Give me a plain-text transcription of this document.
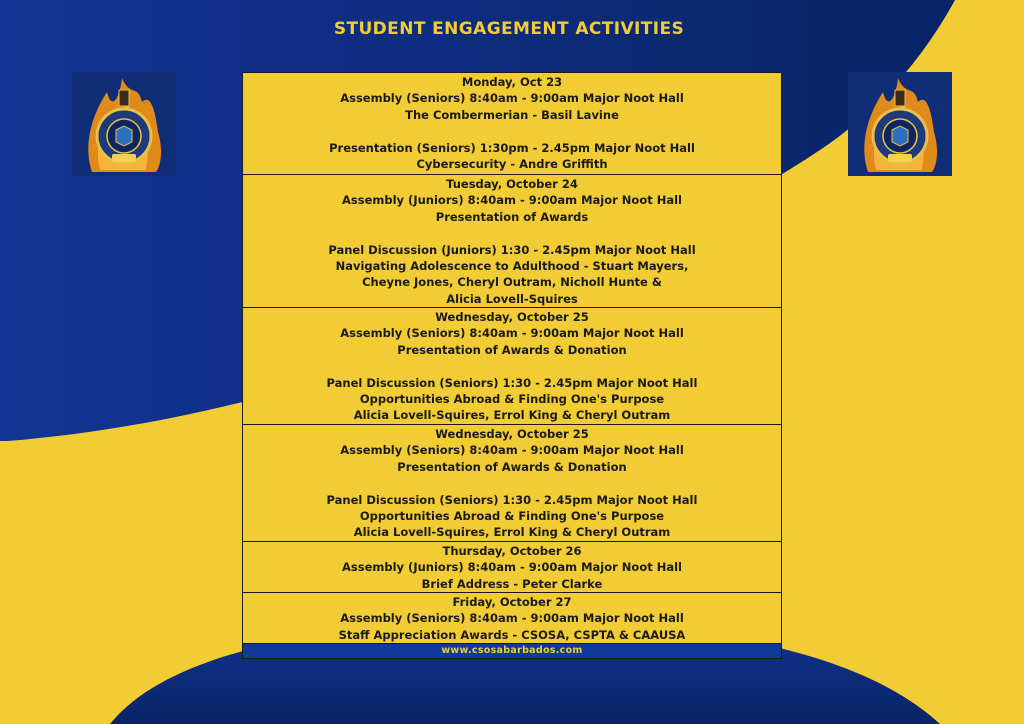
STUDENT ENGAGEMENT ACTIVITIES
Monday, Oct 23
Assembly (Seniors) 8:40am - 9:00am Major Noot Hall
The Combermerian - Basil Lavine
Presentation (Seniors) 1:30pm - 2.45pm Major Noot Hall
Cybersecurity - Andre Griffith
Tuesday, October 24
Assembly (Juniors) 8:40am - 9:00am Major Noot Hall
Presentation of Awards
Panel Discussion (Juniors) 1:30 - 2.45pm Major Noot Hall
Navigating Adolescence to Adulthood - Stuart Mayers,
Cheyne Jones, Cheryl Outram, Nicholl Hunte &
Alicia Lovell-Squires
Wednesday, October 25
Assembly (Seniors) 8:40am - 9:00am Major Noot Hall
Presentation of Awards & Donation
Panel Discussion (Seniors) 1:30 - 2.45pm Major Noot Hall
Opportunities Abroad & Finding One's Purpose
Alicia Lovell-Squires, Errol King & Cheryl Outram
Wednesday, October 25
Assembly (Seniors) 8:40am - 9:00am Major Noot Hall
Presentation of Awards & Donation
Panel Discussion (Seniors) 1:30 - 2.45pm Major Noot Hall
Opportunities Abroad & Finding One's Purpose
Alicia Lovell-Squires, Errol King & Cheryl Outram
Thursday, October 26
Assembly (Juniors) 8:40am - 9:00am Major Noot Hall
Brief Address - Peter Clarke
Friday, October 27
Assembly (Seniors) 8:40am - 9:00am Major Noot Hall
Staff Appreciation Awards - CSOSA, CSPTA & CAAUSA
www.csosabarbados.com
